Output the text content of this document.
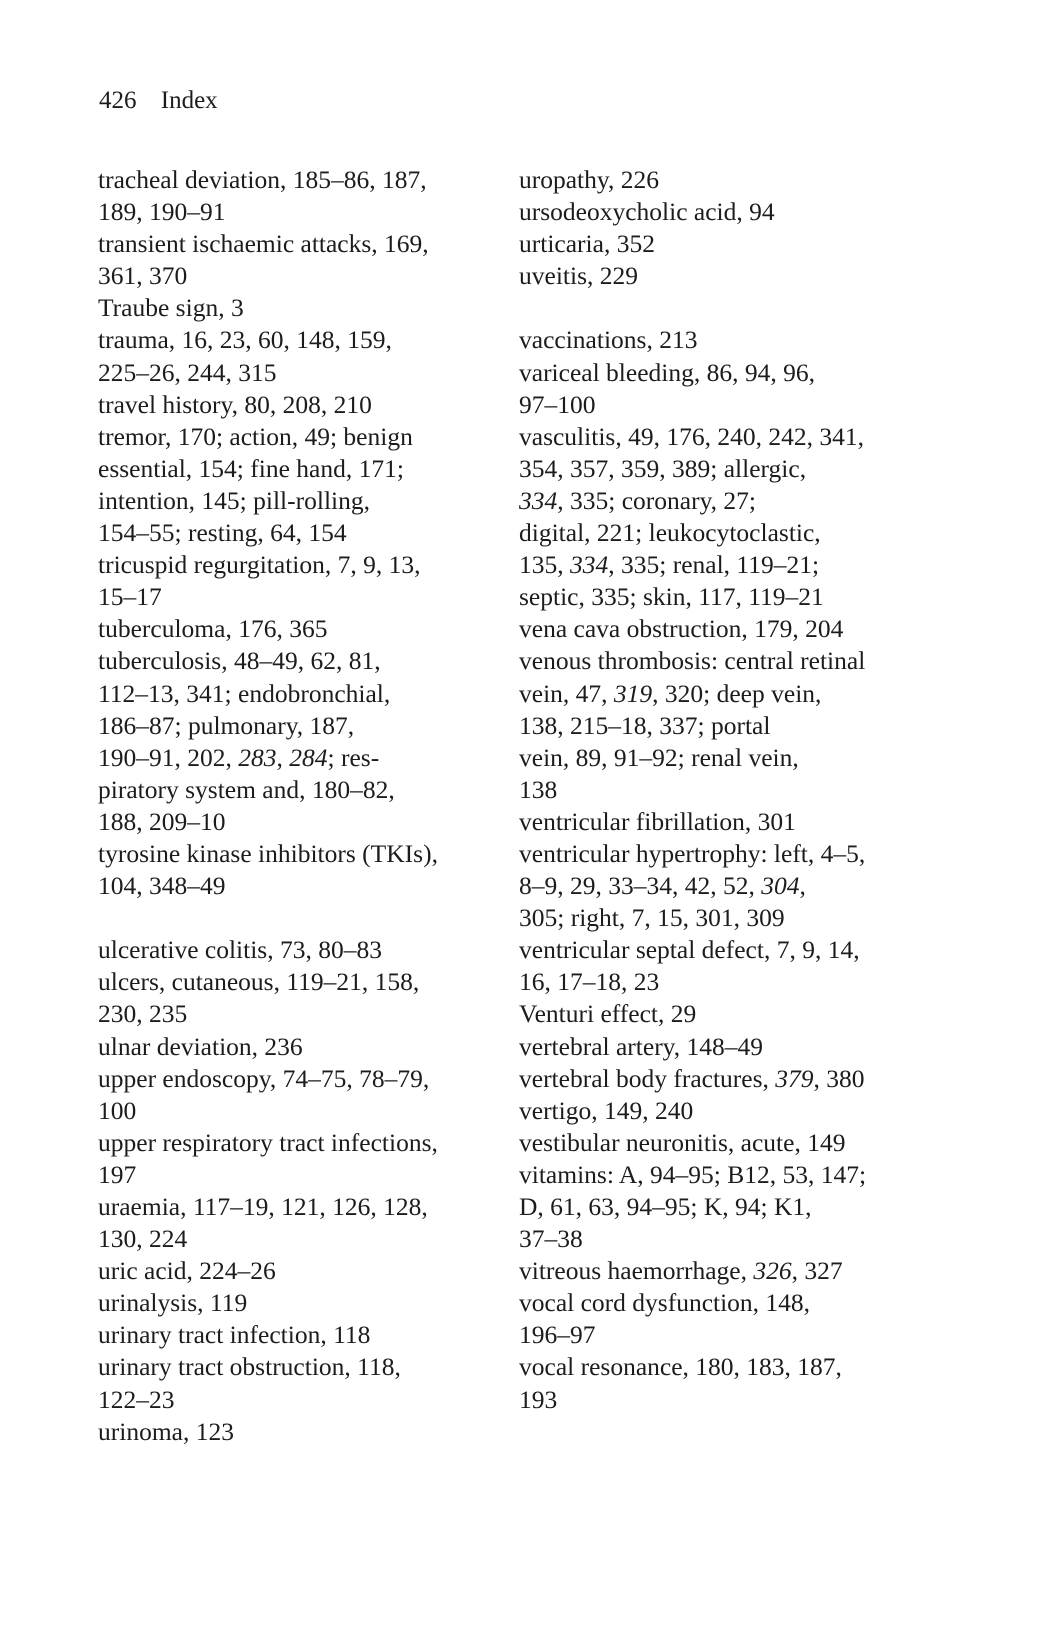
426 Index
tracheal deviation, 185–86, 187,
189, 190–91
transient ischaemic attacks, 169,
361, 370
Traube sign, 3
trauma, 16, 23, 60, 148, 159,
225–26, 244, 315
travel history, 80, 208, 210
tremor, 170; action, 49; benign
essential, 154; fine hand, 171;
intention, 145; pill-rolling,
154–55; resting, 64, 154
tricuspid regurgitation, 7, 9, 13,
15–17
tuberculoma, 176, 365
tuberculosis, 48–49, 62, 81,
112–13, 341; endobronchial,
186–87; pulmonary, 187,
190–91, 202, 283, 284; res-
piratory system and, 180–82,
188, 209–10
tyrosine kinase inhibitors (TKIs),
104, 348–49
ulcerative colitis, 73, 80–83
ulcers, cutaneous, 119–21, 158,
230, 235
ulnar deviation, 236
upper endoscopy, 74–75, 78–79,
100
upper respiratory tract infections,
197
uraemia, 117–19, 121, 126, 128,
130, 224
uric acid, 224–26
urinalysis, 119
urinary tract infection, 118
urinary tract obstruction, 118,
122–23
urinoma, 123
uropathy, 226
ursodeoxycholic acid, 94
urticaria, 352
uveitis, 229
vaccinations, 213
variceal bleeding, 86, 94, 96,
97–100
vasculitis, 49, 176, 240, 242, 341,
354, 357, 359, 389; allergic,
334, 335; coronary, 27;
digital, 221; leukocytoclastic,
135, 334, 335; renal, 119–21;
septic, 335; skin, 117, 119–21
vena cava obstruction, 179, 204
venous thrombosis: central retinal
vein, 47, 319, 320; deep vein,
138, 215–18, 337; portal
vein, 89, 91–92; renal vein,
138
ventricular fibrillation, 301
ventricular hypertrophy: left, 4–5,
8–9, 29, 33–34, 42, 52, 304,
305; right, 7, 15, 301, 309
ventricular septal defect, 7, 9, 14,
16, 17–18, 23
Venturi effect, 29
vertebral artery, 148–49
vertebral body fractures, 379, 380
vertigo, 149, 240
vestibular neuronitis, acute, 149
vitamins: A, 94–95; B12, 53, 147;
D, 61, 63, 94–95; K, 94; K1,
37–38
vitreous haemorrhage, 326, 327
vocal cord dysfunction, 148,
196–97
vocal resonance, 180, 183, 187,
193
